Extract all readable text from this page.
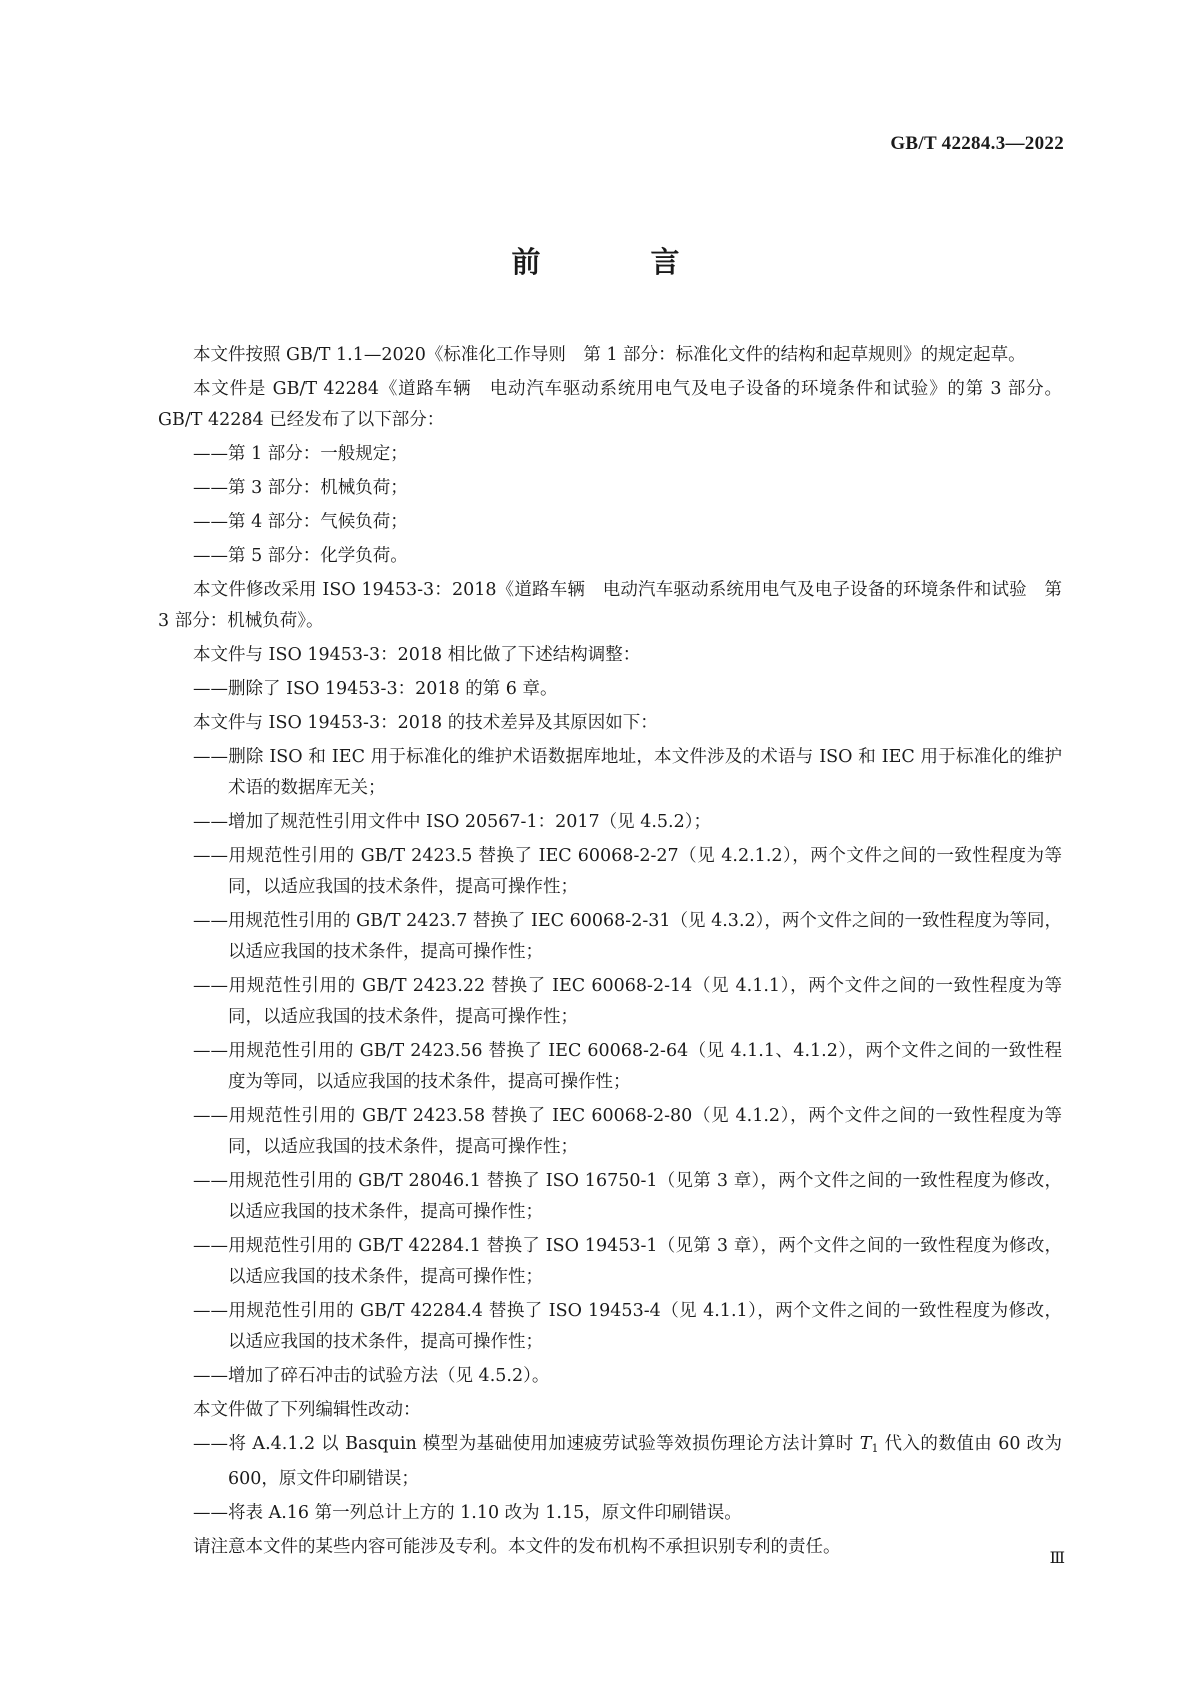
GB/T 42284.3—2022
前 言
本文件按照 GB/T 1.1—2020《标准化工作导则　第 1 部分：标准化文件的结构和起草规则》的规定起草。
本文件是 GB/T 42284《道路车辆　电动汽车驱动系统用电气及电子设备的环境条件和试验》的第 3 部分。GB/T 42284 已经发布了以下部分：
——第 1 部分：一般规定；
——第 3 部分：机械负荷；
——第 4 部分：气候负荷；
——第 5 部分：化学负荷。
本文件修改采用 ISO 19453-3：2018《道路车辆　电动汽车驱动系统用电气及电子设备的环境条件和试验　第 3 部分：机械负荷》。
本文件与 ISO 19453-3：2018 相比做了下述结构调整：
——删除了 ISO 19453-3：2018 的第 6 章。
本文件与 ISO 19453-3：2018 的技术差异及其原因如下：
——删除 ISO 和 IEC 用于标准化的维护术语数据库地址，本文件涉及的术语与 ISO 和 IEC 用于标准化的维护术语的数据库无关；
——增加了规范性引用文件中 ISO 20567-1：2017（见 4.5.2）；
——用规范性引用的 GB/T 2423.5 替换了 IEC 60068-2-27（见 4.2.1.2），两个文件之间的一致性程度为等同，以适应我国的技术条件，提高可操作性；
——用规范性引用的 GB/T 2423.7 替换了 IEC 60068-2-31（见 4.3.2），两个文件之间的一致性程度为等同，以适应我国的技术条件，提高可操作性；
——用规范性引用的 GB/T 2423.22 替换了 IEC 60068-2-14（见 4.1.1），两个文件之间的一致性程度为等同，以适应我国的技术条件，提高可操作性；
——用规范性引用的 GB/T 2423.56 替换了 IEC 60068-2-64（见 4.1.1、4.1.2），两个文件之间的一致性程度为等同，以适应我国的技术条件，提高可操作性；
——用规范性引用的 GB/T 2423.58 替换了 IEC 60068-2-80（见 4.1.2），两个文件之间的一致性程度为等同，以适应我国的技术条件，提高可操作性；
——用规范性引用的 GB/T 28046.1 替换了 ISO 16750-1（见第 3 章），两个文件之间的一致性程度为修改，以适应我国的技术条件，提高可操作性；
——用规范性引用的 GB/T 42284.1 替换了 ISO 19453-1（见第 3 章），两个文件之间的一致性程度为修改，以适应我国的技术条件，提高可操作性；
——用规范性引用的 GB/T 42284.4 替换了 ISO 19453-4（见 4.1.1），两个文件之间的一致性程度为修改，以适应我国的技术条件，提高可操作性；
——增加了碎石冲击的试验方法（见 4.5.2）。
本文件做了下列编辑性改动：
——将 A.4.1.2 以 Basquin 模型为基础使用加速疲劳试验等效损伤理论方法计算时 $T_1$ 代入的数值由 60 改为 600，原文件印刷错误；
——将表 A.16 第一列总计上方的 1.10 改为 1.15，原文件印刷错误。
请注意本文件的某些内容可能涉及专利。本文件的发布机构不承担识别专利的责任。
Ⅲ
